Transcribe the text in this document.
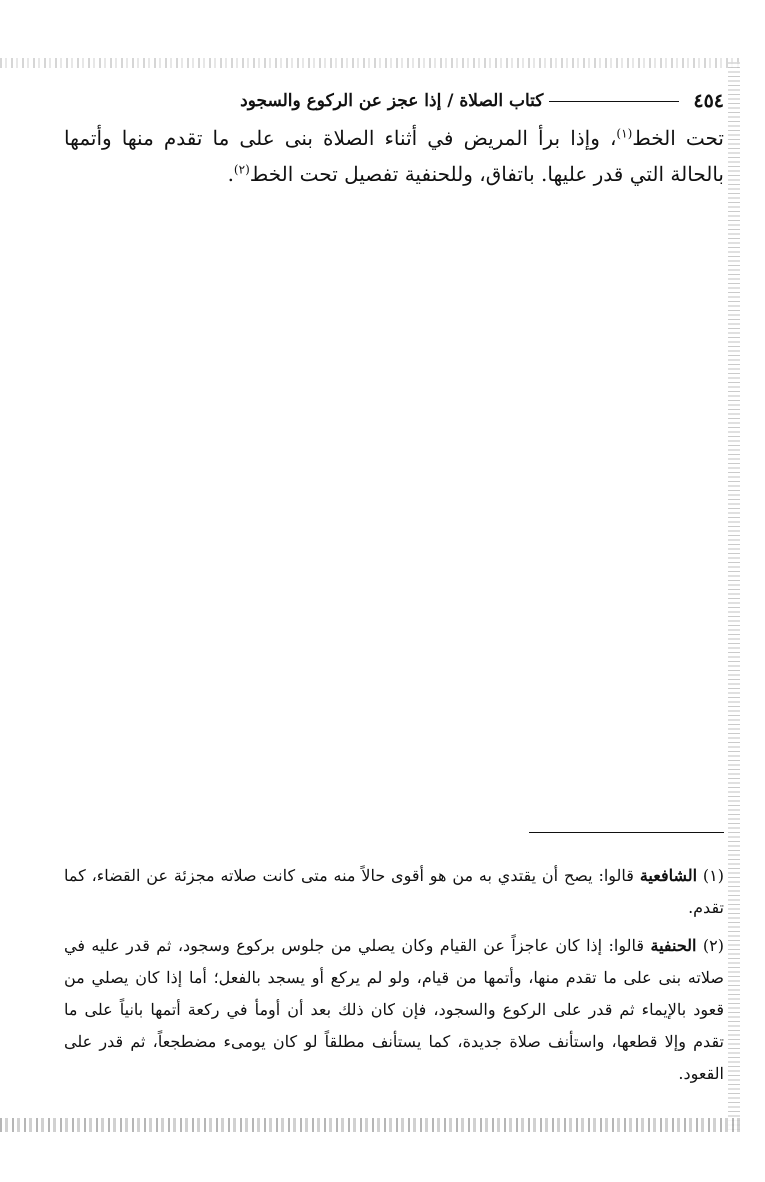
٤٥٤
كتاب الصلاة / إذا عجز عن الركوع والسجود
تحت الخط$^{(١)}$، وإذا برأ المريض في أثناء الصلاة بنى على ما تقدم منها وأتمها بالحالة التي قدر عليها. باتفاق، وللحنفية تفصيل تحت الخط$^{(٢)}$.

(١) الشافعية قالوا: يصح أن يقتدي به من هو أقوى حالاً منه متى كانت صلاته مجزئة عن القضاء، كما تقدم.

(٢) الحنفية قالوا: إذا كان عاجزاً عن القيام وكان يصلي من جلوس بركوع وسجود، ثم قدر عليه في صلاته بنى على ما تقدم منها، وأتمها من قيام، ولو لم يركع أو يسجد بالفعل؛ أما إذا كان يصلي من قعود بالإيماء ثم قدر على الركوع والسجود، فإن كان ذلك بعد أن أومأ في ركعة أتمها بانياً على ما تقدم وإلا قطعها، واستأنف صلاة جديدة، كما يستأنف مطلقاً لو كان يومىء مضطجعاً، ثم قدر على القعود.
